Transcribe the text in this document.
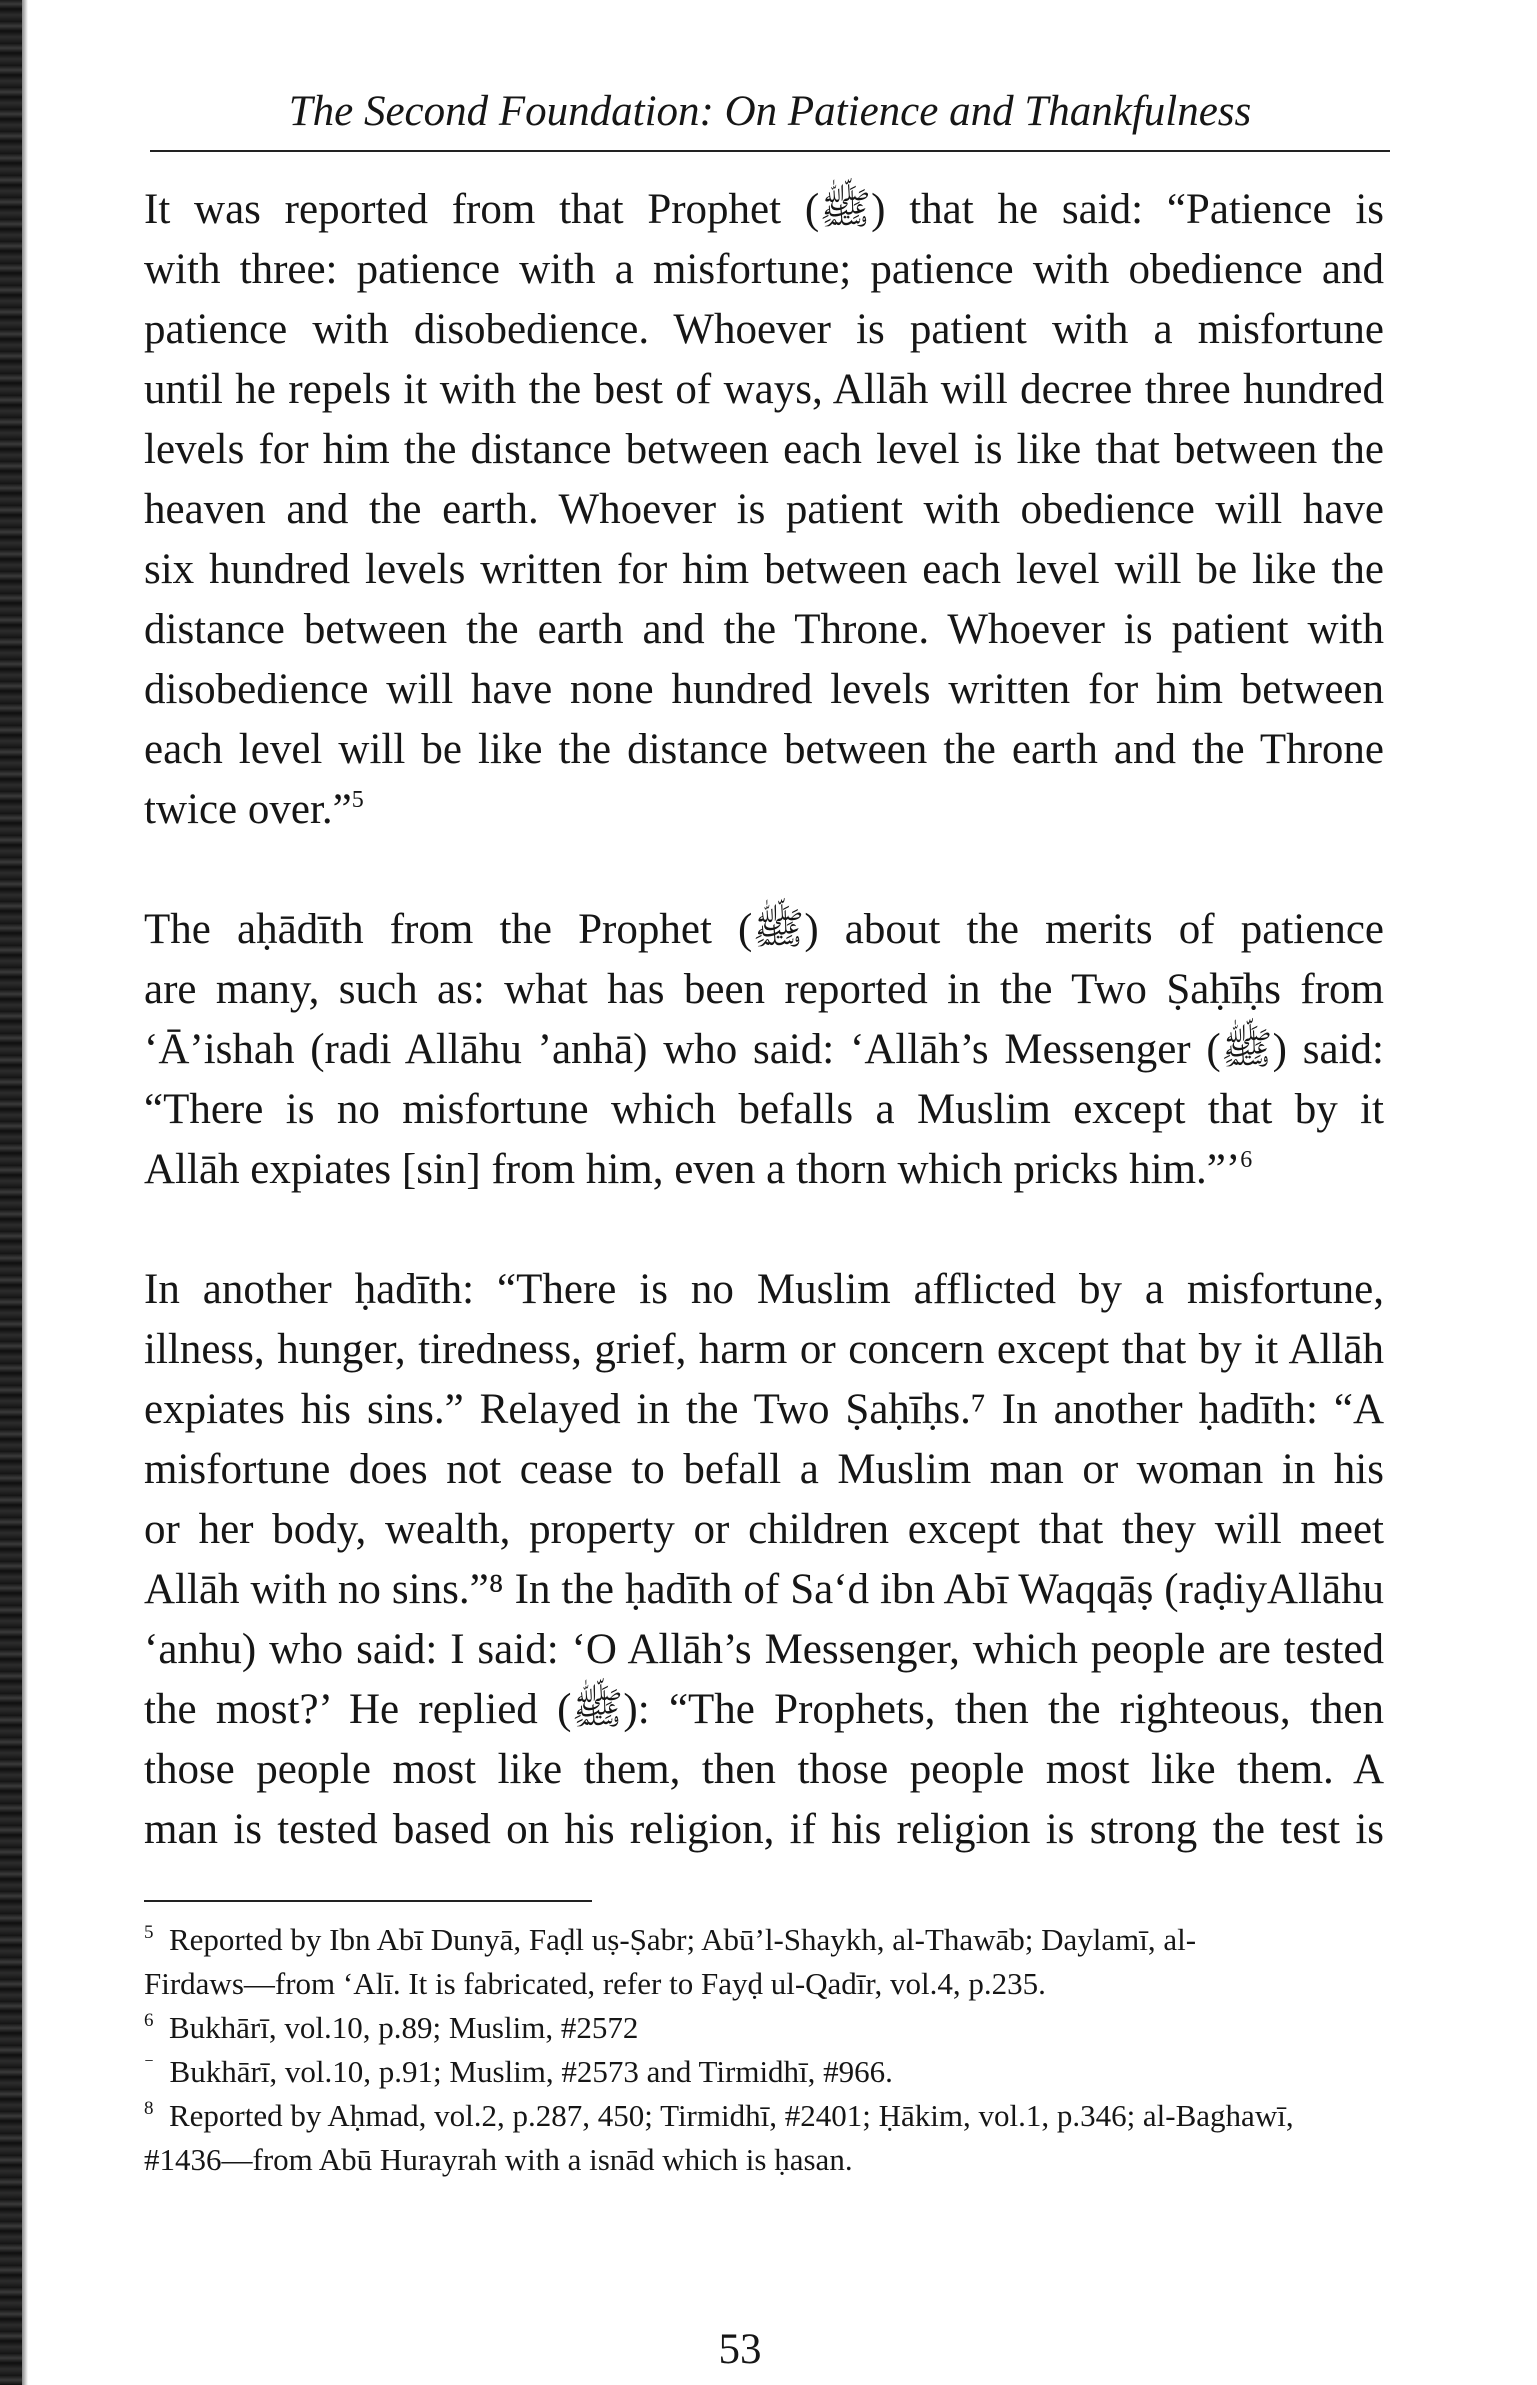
The Second Foundation: On Patience and Thankfulness

It was reported from that Prophet (ﷺ) that he said: “Patience is
with three: patience with a misfortune; patience with obedience and
patience with disobedience. Whoever is patient with a misfortune
until he repels it with the best of ways, Allāh will decree three hundred
levels for him the distance between each level is like that between the
heaven and the earth. Whoever is patient with obedience will have
six hundred levels written for him between each level will be like the
distance between the earth and the Throne. Whoever is patient with
disobedience will have none hundred levels written for him between
each level will be like the distance between the earth and the Throne
twice over.”$^5$

The aḥādīth from the Prophet (ﷺ) about the merits of patience
are many, such as: what has been reported in the Two Ṣaḥīḥs from
‘Ā’ishah (radi Allāhu ’anhā) who said: ‘Allāh’s Messenger (ﷺ) said:
“There is no misfortune which befalls a Muslim except that by it
Allāh expiates [sin] from him, even a thorn which pricks him.”’$^6$

In another ḥadīth: “There is no Muslim afflicted by a misfortune,
illness, hunger, tiredness, grief, harm or concern except that by it Allāh
expiates his sins.” Relayed in the Two Ṣaḥīḥs.⁷ In another ḥadīth: “A
misfortune does not cease to befall a Muslim man or woman in his
or her body, wealth, property or children except that they will meet
Allāh with no sins.”⁸ In the ḥadīth of Sa‘d ibn Abī Waqqāṣ (raḍiyAllāhu
‘anhu) who said: I said: ‘O Allāh’s Messenger, which people are tested
the most?’ He replied (ﷺ): “The Prophets, then the righteous, then
those people most like them, then those people most like them. A
man is tested based on his religion, if his religion is strong the test is

$^5$ Reported by Ibn Abī Dunyā, Faḍl uṣ-Ṣabr; Abū’l-Shaykh, al-Thawāb; Daylamī, al-
Firdaws—from ‘Alī. It is fabricated, refer to Fayḍ ul-Qadīr, vol.4, p.235.
$^6$ Bukhārī, vol.10, p.89; Muslim, #2572
⁻ Bukhārī, vol.10, p.91; Muslim, #2573 and Tirmidhī, #966.
$^8$ Reported by Aḥmad, vol.2, p.287, 450; Tirmidhī, #2401; Ḥākim, vol.1, p.346; al-Baghawī,
#1436—from Abū Hurayrah with a isnād which is ḥasan.
53
